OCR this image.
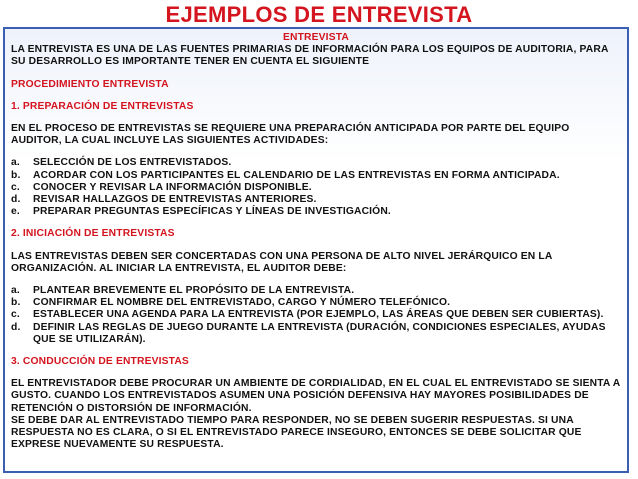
EJEMPLOS DE ENTREVISTA

ENTREVISTA

LA ENTREVISTA ES UNA DE LAS FUENTES PRIMARIAS DE INFORMACIÓN PARA LOS EQUIPOS DE AUDITORIA, PARA SU DESARROLLO ES IMPORTANTE TENER EN CUENTA EL SIGUIENTE

PROCEDIMIENTO ENTREVISTA

1. PREPARACIÓN DE ENTREVISTAS

EN EL PROCESO DE ENTREVISTAS SE REQUIERE UNA PREPARACIÓN ANTICIPADA POR PARTE DEL EQUIPO AUDITOR, LA CUAL INCLUYE LAS SIGUIENTES ACTIVIDADES:

a.	SELECCIÓN DE LOS ENTREVISTADOS.
b.	ACORDAR CON LOS PARTICIPANTES EL CALENDARIO DE LAS ENTREVISTAS EN FORMA ANTICIPADA.
c.	CONOCER Y REVISAR LA INFORMACIÓN DISPONIBLE.
d.	REVISAR HALLAZGOS DE ENTREVISTAS ANTERIORES.
e.	PREPARAR PREGUNTAS ESPECÍFICAS Y LÍNEAS DE INVESTIGACIÓN.

2. INICIACIÓN DE ENTREVISTAS

LAS ENTREVISTAS DEBEN SER CONCERTADAS CON UNA PERSONA DE ALTO NIVEL JERÁRQUICO EN LA ORGANIZACIÓN. AL INICIAR LA ENTREVISTA, EL AUDITOR DEBE:

a.	PLANTEAR BREVEMENTE EL PROPÓSITO DE LA ENTREVISTA.
b.	CONFIRMAR EL NOMBRE DEL ENTREVISTADO, CARGO Y NÚMERO TELEFÓNICO.
c.	ESTABLECER UNA AGENDA PARA LA ENTREVISTA (POR EJEMPLO, LAS ÁREAS QUE DEBEN SER CUBIERTAS).
d.	DEFINIR LAS REGLAS DE JUEGO DURANTE LA ENTREVISTA (DURACIÓN, CONDICIONES ESPECIALES, AYUDAS QUE SE UTILIZARÁN).

3. CONDUCCIÓN DE ENTREVISTAS

EL ENTREVISTADOR DEBE PROCURAR UN AMBIENTE DE CORDIALIDAD, EN EL CUAL EL ENTREVISTADO SE SIENTA A GUSTO. CUANDO LOS ENTREVISTADOS ASUMEN UNA POSICIÓN DEFENSIVA HAY MAYORES POSIBILIDADES DE RETENCIÓN O DISTORSIÓN DE INFORMACIÓN.

SE DEBE DAR AL ENTREVISTADO TIEMPO PARA RESPONDER, NO SE DEBEN SUGERIR RESPUESTAS. SI UNA RESPUESTA NO ES CLARA, O SI EL ENTREVISTADO PARECE INSEGURO, ENTONCES SE DEBE SOLICITAR QUE EXPRESE NUEVAMENTE SU RESPUESTA.
